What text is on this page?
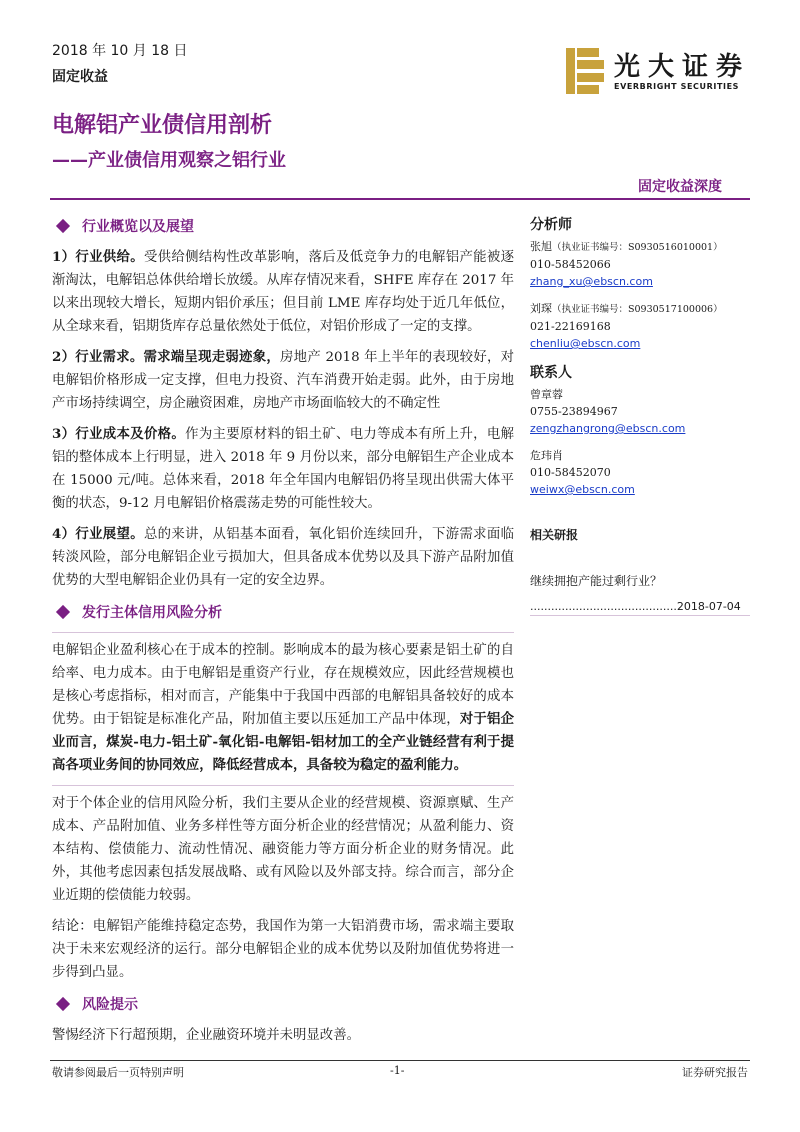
2018 年 10 月 18 日
固定收益
电解铝产业债信用剖析
——产业债信用观察之铝行业
固定收益深度
光大证券
EVERBRIGHT SECURITIES
行业概览以及展望

1）行业供给。受供给侧结构性改革影响，落后及低竞争力的电解铝产能被逐渐淘汰，电解铝总体供给增长放缓。从库存情况来看，SHFE 库存在 2017 年以来出现较大增长，短期内铝价承压；但目前 LME 库存均处于近几年低位，从全球来看，铝期货库存总量依然处于低位，对铝价形成了一定的支撑。

2）行业需求。需求端呈现走弱迹象，房地产 2018 年上半年的表现较好，对电解铝价格形成一定支撑，但电力投资、汽车消费开始走弱。此外，由于房地产市场持续调空，房企融资困难，房地产市场面临较大的不确定性

3）行业成本及价格。作为主要原材料的铝土矿、电力等成本有所上升，电解铝的整体成本上行明显，进入 2018 年 9 月份以来，部分电解铝生产企业成本在 15000 元/吨。总体来看，2018 年全年国内电解铝仍将呈现出供需大体平衡的状态，9-12 月电解铝价格震荡走势的可能性较大。

4）行业展望。总的来讲，从铝基本面看，氧化铝价连续回升，下游需求面临转淡风险，部分电解铝企业亏损加大，但具备成本优势以及具下游产品附加值优势的大型电解铝企业仍具有一定的安全边界。

发行主体信用风险分析

电解铝企业盈利核心在于成本的控制。影响成本的最为核心要素是铝土矿的自给率、电力成本。由于电解铝是重资产行业，存在规模效应，因此经营规模也是核心考虑指标，相对而言，产能集中于我国中西部的电解铝具备较好的成本优势。由于铝锭是标准化产品，附加值主要以压延加工产品中体现，对于铝企业而言，煤炭-电力-铝土矿-氧化铝-电解铝-铝材加工的全产业链经营有利于提高各项业务间的协同效应，降低经营成本，具备较为稳定的盈利能力。

对于个体企业的信用风险分析，我们主要从企业的经营规模、资源禀赋、生产成本、产品附加值、业务多样性等方面分析企业的经营情况；从盈利能力、资本结构、偿债能力、流动性情况、融资能力等方面分析企业的财务情况。此外，其他考虑因素包括发展战略、或有风险以及外部支持。综合而言，部分企业近期的偿债能力较弱。

结论：电解铝产能维持稳定态势，我国作为第一大铝消费市场，需求端主要取决于未来宏观经济的运行。部分电解铝企业的成本优势以及附加值优势将进一步得到凸显。

风险提示

警惕经济下行超预期，企业融资环境并未明显改善。

分析师
张旭（执业证书编号：S0930516010001）
010-58452066
zhang_xu@ebscn.com
刘琛（执业证书编号：S0930517100006）
021-22169168
chenliu@ebscn.com
联系人
曾章蓉
0755-23894967
zengzhangrong@ebscn.com
危玮肖
010-58452070
weiwx@ebscn.com
相关研报
继续拥抱产能过剩行业？
..........................................2018-07-04
敬请参阅最后一页特别声明	-1-	证券研究报告
